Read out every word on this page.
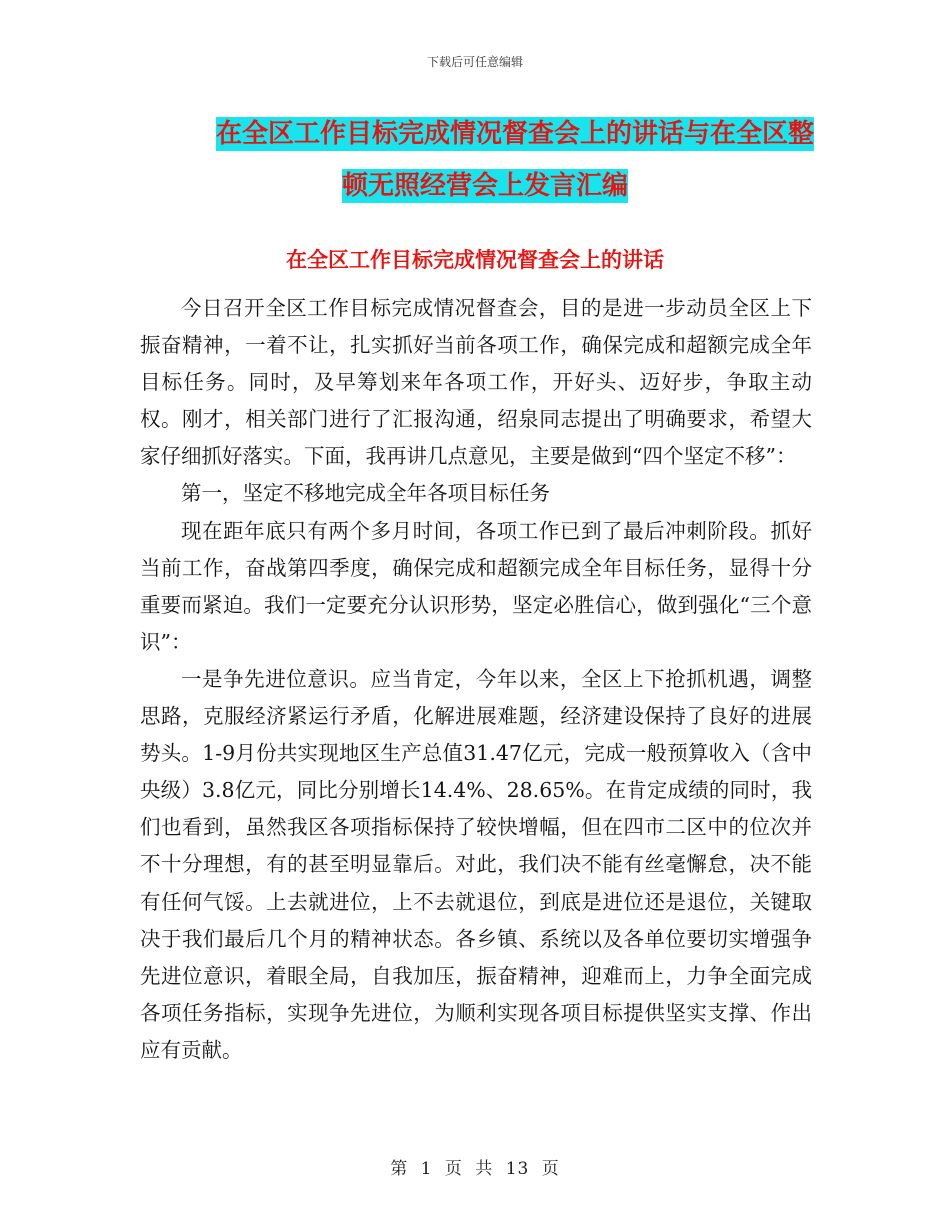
下载后可任意编辑
在全区工作目标完成情况督查会上的讲话与在全区整
顿无照经营会上发言汇编
在全区工作目标完成情况督查会上的讲话

今日召开全区工作目标完成情况督查会，目的是进一步动员全区上下振奋精神，一着不让，扎实抓好当前各项工作，确保完成和超额完成全年目标任务。同时，及早筹划来年各项工作，开好头、迈好步，争取主动权。刚才，相关部门进行了汇报沟通，绍泉同志提出了明确要求，希望大家仔细抓好落实。下面，我再讲几点意见，主要是做到“四个坚定不移”：

第一，坚定不移地完成全年各项目标任务

现在距年底只有两个多月时间，各项工作已到了最后冲刺阶段。抓好当前工作，奋战第四季度，确保完成和超额完成全年目标任务，显得十分重要而紧迫。我们一定要充分认识形势，坚定必胜信心，做到强化“三个意识”：

一是争先进位意识。应当肯定，今年以来，全区上下抢抓机遇，调整思路，克服经济紧运行矛盾，化解进展难题，经济建设保持了良好的进展势头。1-9月份共实现地区生产总值31.47亿元，完成一般预算收入（含中央级）3.8亿元，同比分别增长14.4%、28.65%。在肯定成绩的同时，我们也看到，虽然我区各项指标保持了较快增幅，但在四市二区中的位次并不十分理想，有的甚至明显靠后。对此，我们决不能有丝毫懈怠，决不能有任何气馁。上去就进位，上不去就退位，到底是进位还是退位，关键取决于我们最后几个月的精神状态。各乡镇、系统以及各单位要切实增强争先进位意识，着眼全局，自我加压，振奋精神，迎难而上，力争全面完成各项任务指标，实现争先进位，为顺利实现各项目标提供坚实支撑、作出应有贡献。

第 1 页 共 13 页
